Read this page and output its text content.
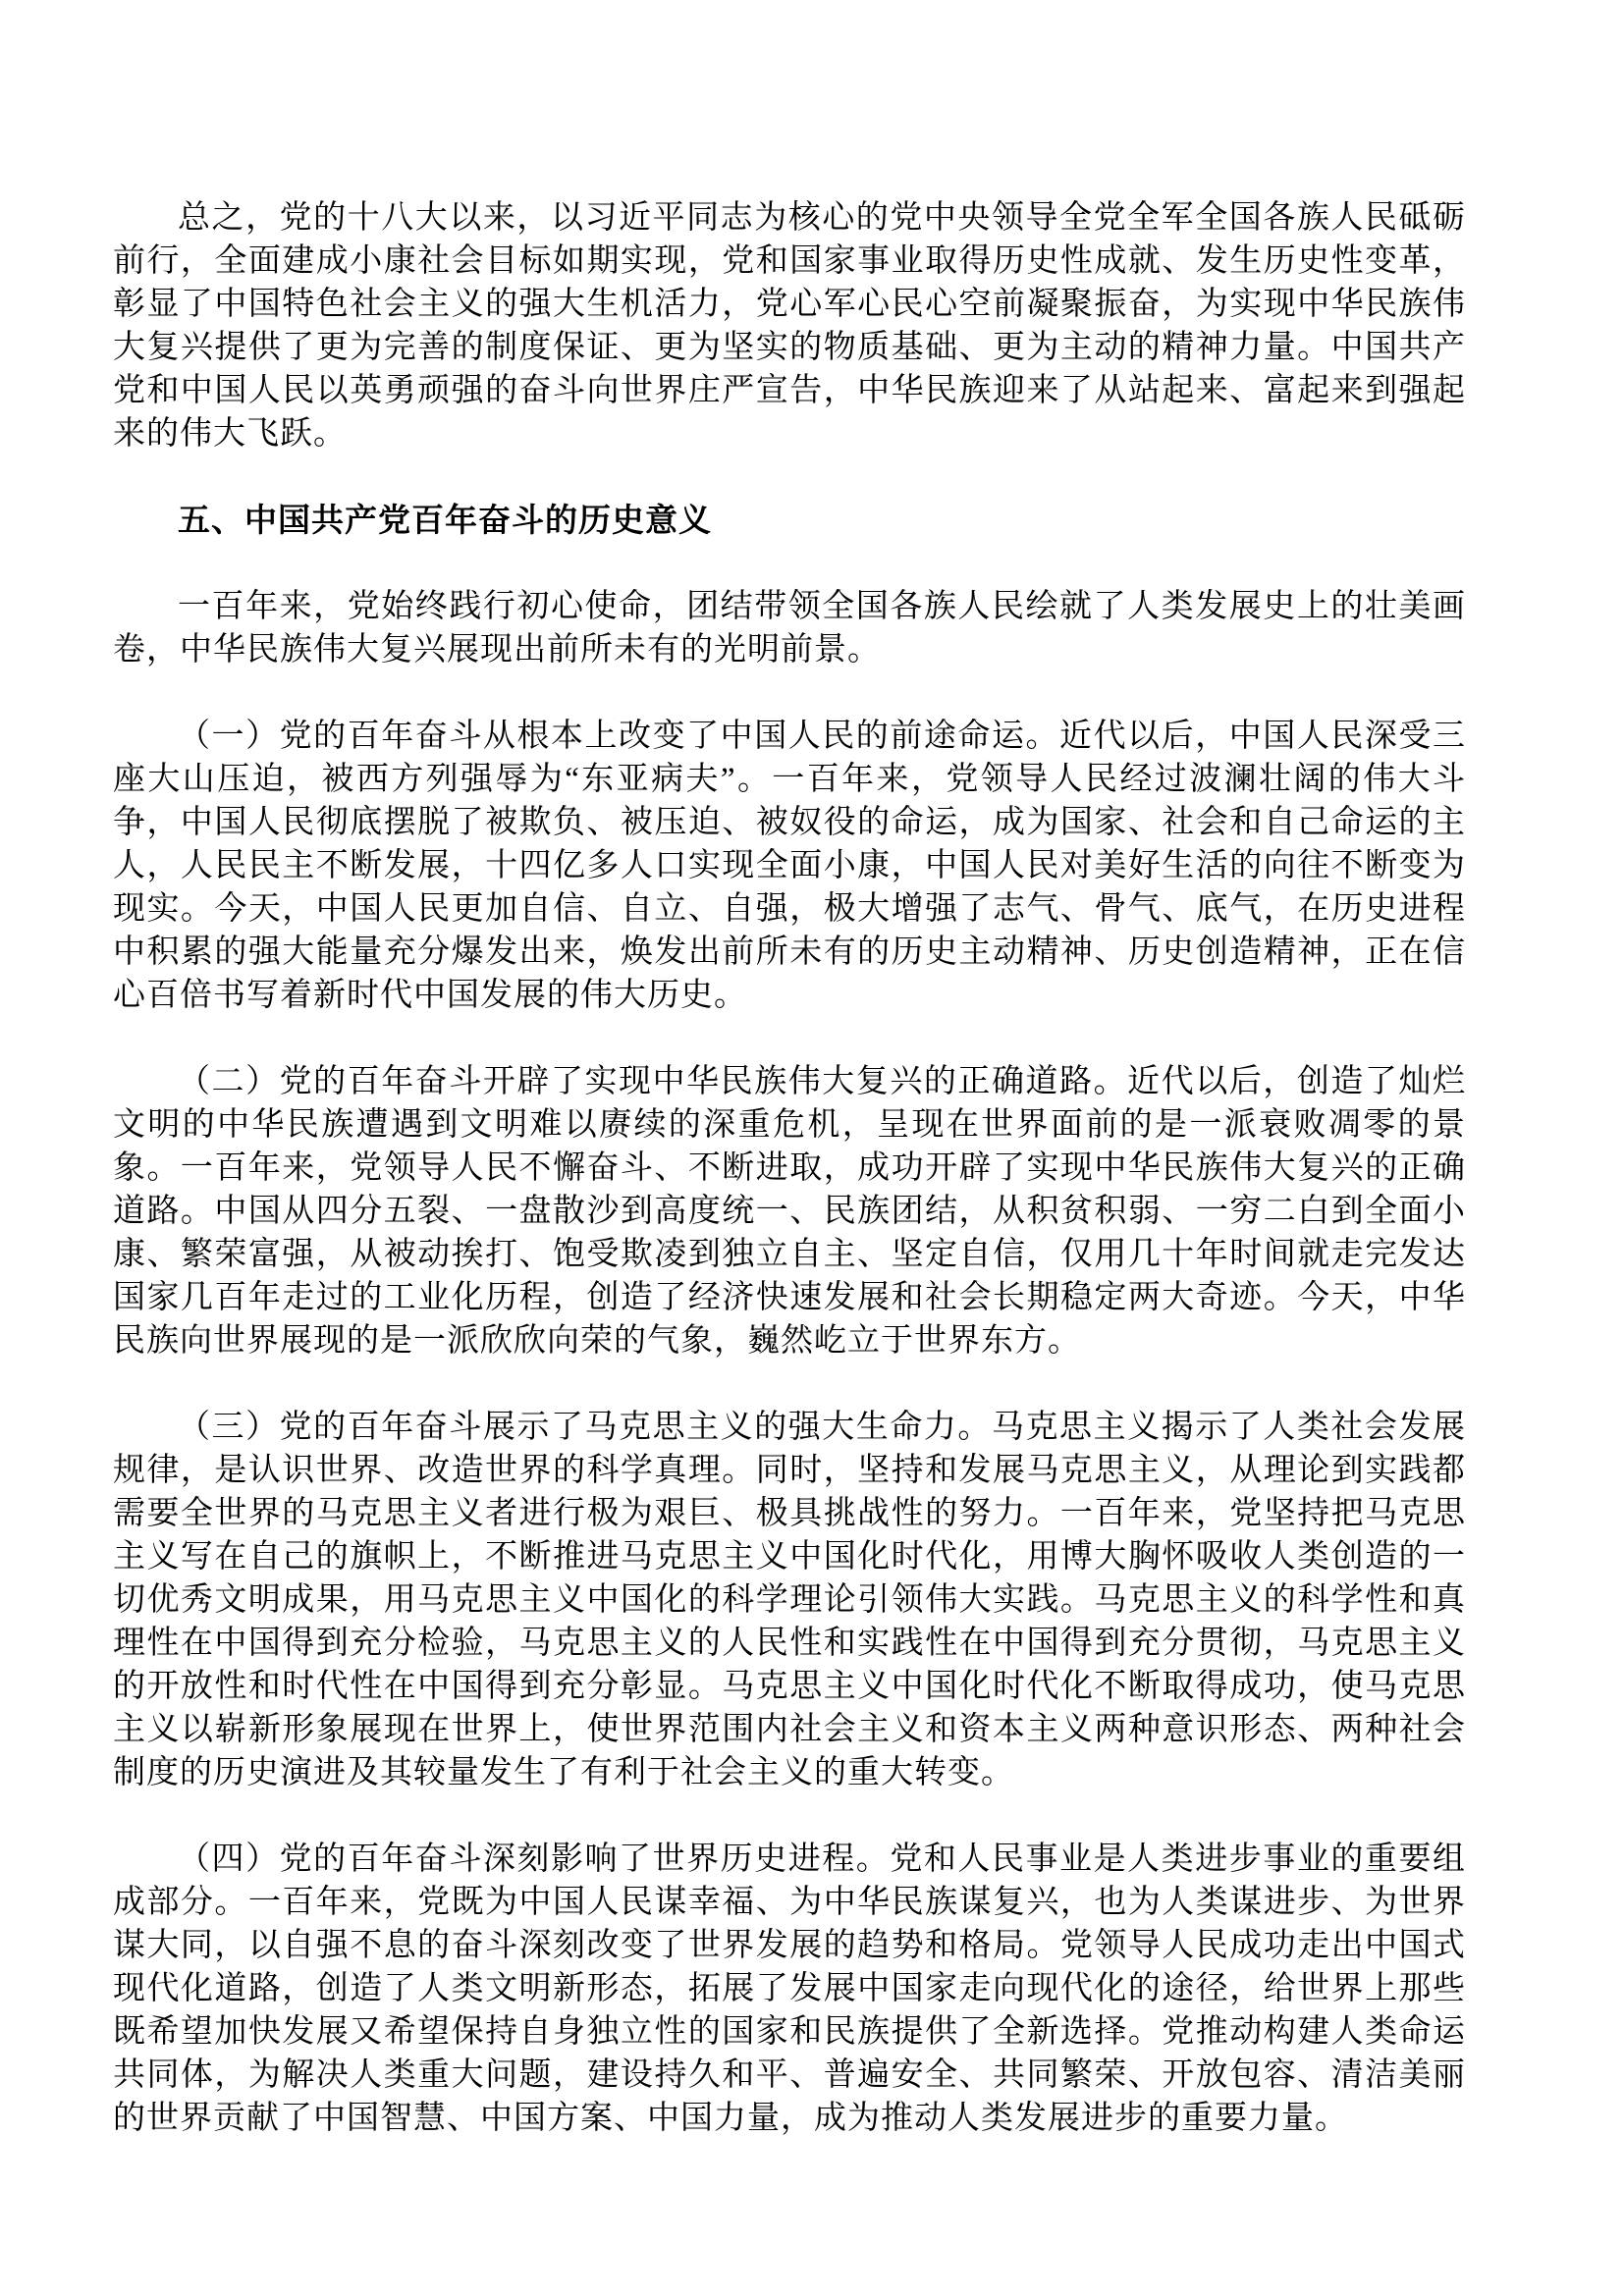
总之，党的十八大以来，以习近平同志为核心的党中央领导全党全军全国各族人民砥砺前行，全面建成小康社会目标如期实现，党和国家事业取得历史性成就、发生历史性变革，彰显了中国特色社会主义的强大生机活力，党心军心民心空前凝聚振奋，为实现中华民族伟大复兴提供了更为完善的制度保证、更为坚实的物质基础、更为主动的精神力量。中国共产党和中国人民以英勇顽强的奋斗向世界庄严宣告，中华民族迎来了从站起来、富起来到强起来的伟大飞跃。

五、中国共产党百年奋斗的历史意义

一百年来，党始终践行初心使命，团结带领全国各族人民绘就了人类发展史上的壮美画卷，中华民族伟大复兴展现出前所未有的光明前景。

（一）党的百年奋斗从根本上改变了中国人民的前途命运。近代以后，中国人民深受三座大山压迫，被西方列强辱为“东亚病夫”。一百年来，党领导人民经过波澜壮阔的伟大斗争，中国人民彻底摆脱了被欺负、被压迫、被奴役的命运，成为国家、社会和自己命运的主人，人民民主不断发展，十四亿多人口实现全面小康，中国人民对美好生活的向往不断变为现实。今天，中国人民更加自信、自立、自强，极大增强了志气、骨气、底气，在历史进程中积累的强大能量充分爆发出来，焕发出前所未有的历史主动精神、历史创造精神，正在信心百倍书写着新时代中国发展的伟大历史。

（二）党的百年奋斗开辟了实现中华民族伟大复兴的正确道路。近代以后，创造了灿烂文明的中华民族遭遇到文明难以赓续的深重危机，呈现在世界面前的是一派衰败凋零的景象。一百年来，党领导人民不懈奋斗、不断进取，成功开辟了实现中华民族伟大复兴的正确道路。中国从四分五裂、一盘散沙到高度统一、民族团结，从积贫积弱、一穷二白到全面小康、繁荣富强，从被动挨打、饱受欺凌到独立自主、坚定自信，仅用几十年时间就走完发达国家几百年走过的工业化历程，创造了经济快速发展和社会长期稳定两大奇迹。今天，中华民族向世界展现的是一派欣欣向荣的气象，巍然屹立于世界东方。

（三）党的百年奋斗展示了马克思主义的强大生命力。马克思主义揭示了人类社会发展规律，是认识世界、改造世界的科学真理。同时，坚持和发展马克思主义，从理论到实践都需要全世界的马克思主义者进行极为艰巨、极具挑战性的努力。一百年来，党坚持把马克思主义写在自己的旗帜上，不断推进马克思主义中国化时代化，用博大胸怀吸收人类创造的一切优秀文明成果，用马克思主义中国化的科学理论引领伟大实践。马克思主义的科学性和真理性在中国得到充分检验，马克思主义的人民性和实践性在中国得到充分贯彻，马克思主义的开放性和时代性在中国得到充分彰显。马克思主义中国化时代化不断取得成功，使马克思主义以崭新形象展现在世界上，使世界范围内社会主义和资本主义两种意识形态、两种社会制度的历史演进及其较量发生了有利于社会主义的重大转变。

（四）党的百年奋斗深刻影响了世界历史进程。党和人民事业是人类进步事业的重要组成部分。一百年来，党既为中国人民谋幸福、为中华民族谋复兴，也为人类谋进步、为世界谋大同，以自强不息的奋斗深刻改变了世界发展的趋势和格局。党领导人民成功走出中国式现代化道路，创造了人类文明新形态，拓展了发展中国家走向现代化的途径，给世界上那些既希望加快发展又希望保持自身独立性的国家和民族提供了全新选择。党推动构建人类命运共同体，为解决人类重大问题，建设持久和平、普遍安全、共同繁荣、开放包容、清洁美丽的世界贡献了中国智慧、中国方案、中国力量，成为推动人类发展进步的重要力量。
